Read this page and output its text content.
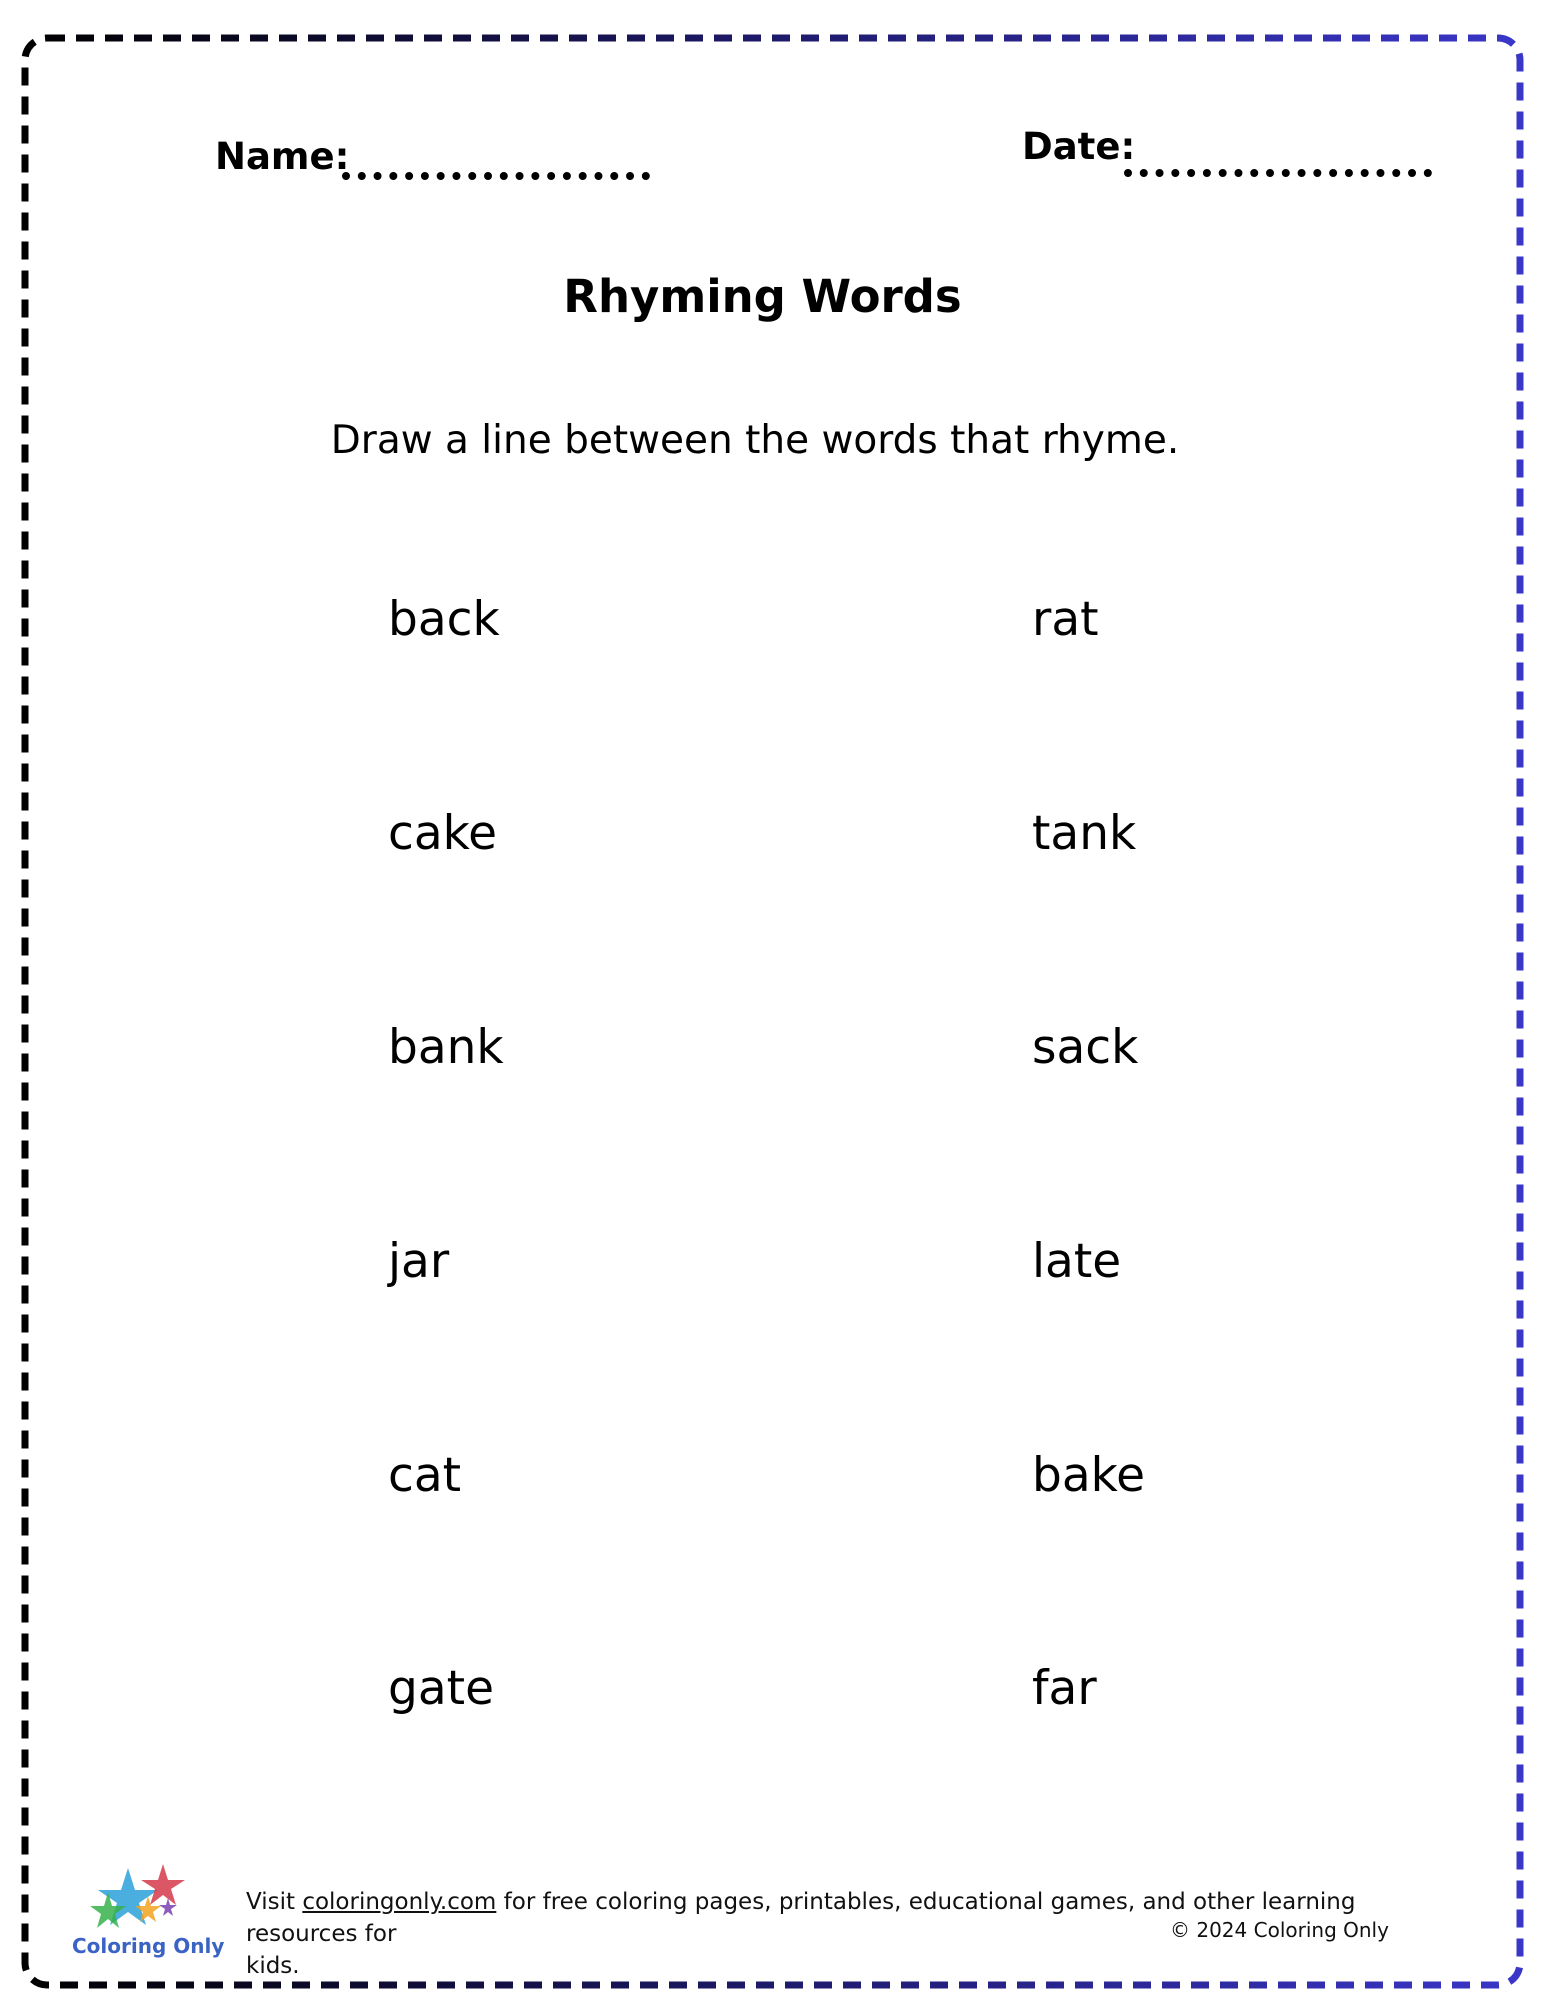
Name:	Date:
Rhyming Words
Draw a line between the words that rhyme.
back
cake
bank
jar
cat
gate
rat
tank
sack
late
bake
far
Coloring Only
Visit coloringonly.com for free coloring pages, printables, educational games, and other learning resources for
kids.
© 2024 Coloring Only
